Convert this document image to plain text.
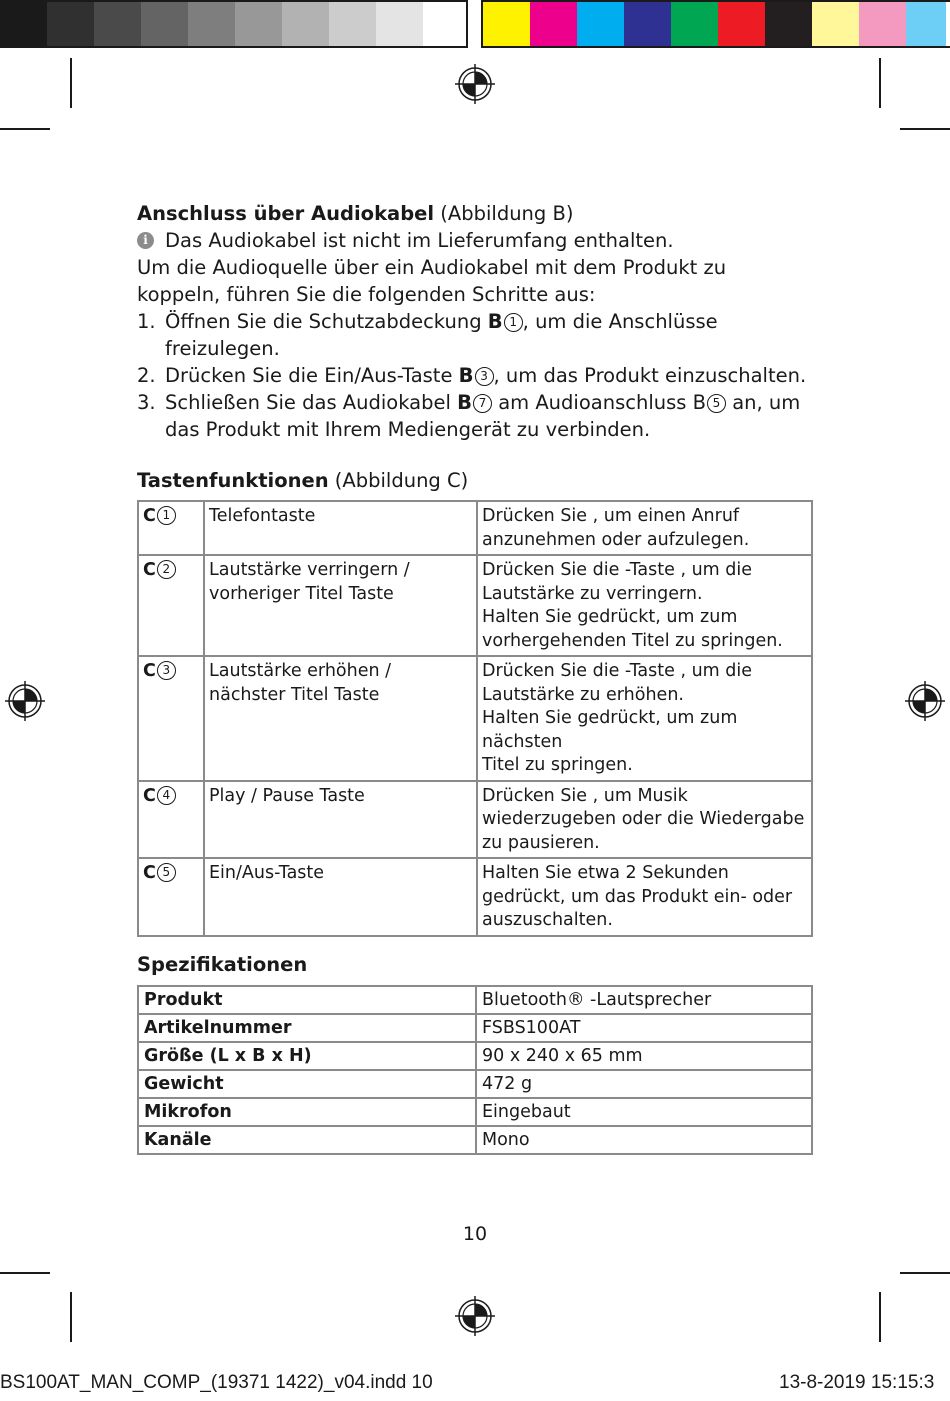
Anschluss über Audiokabel (Abbildung B)

i Das Audiokabel ist nicht im Lieferumfang enthalten.

Um die Audioquelle über ein Audiokabel mit dem Produkt zu

koppeln, führen Sie die folgenden Schritte aus:

1. Öffnen Sie die Schutzabdeckung B 1 , um die Anschlüsse
freizulegen.
2. Drücken Sie die Ein/Aus-Taste B 3 , um das Produkt einzuschalten.
3. Schließen Sie das Audiokabel B 7 am Audioanschluss B 5 an, um
das Produkt mit Ihrem Mediengerät zu verbinden.
Tastenfunktionen (Abbildung C)
C 1	Telefontaste	Drücken Sie , um einen Anruf
anzunehmen oder aufzulegen.
C 2	Lautstärke verringern / vorheriger Titel Taste	Drücken Sie die -Taste , um die
Lautstärke zu verringern.
Halten Sie gedrückt, um zum
vorhergehenden Titel zu springen.
C 3	Lautstärke erhöhen / nächster Titel Taste	Drücken Sie die -Taste , um die
Lautstärke zu erhöhen.
Halten Sie gedrückt, um zum nächsten
Titel zu springen.
C 4	Play / Pause Taste	Drücken Sie , um Musik
wiederzugeben oder die Wiedergabe
zu pausieren.
C 5	Ein/Aus-Taste	Halten Sie etwa 2 Sekunden
gedrückt, um das Produkt ein- oder
auszuschalten.
Spezifikationen
Produkt	Bluetooth® -Lautsprecher
Artikelnummer	FSBS100AT
Größe (L x B x H)	90 x 240 x 65 mm
Gewicht	472 g
Mikrofon	Eingebaut
Kanäle	Mono
10
BS100AT_MAN_COMP_(19371 1422)_v04.indd 10	13-8-2019 15:15:3
